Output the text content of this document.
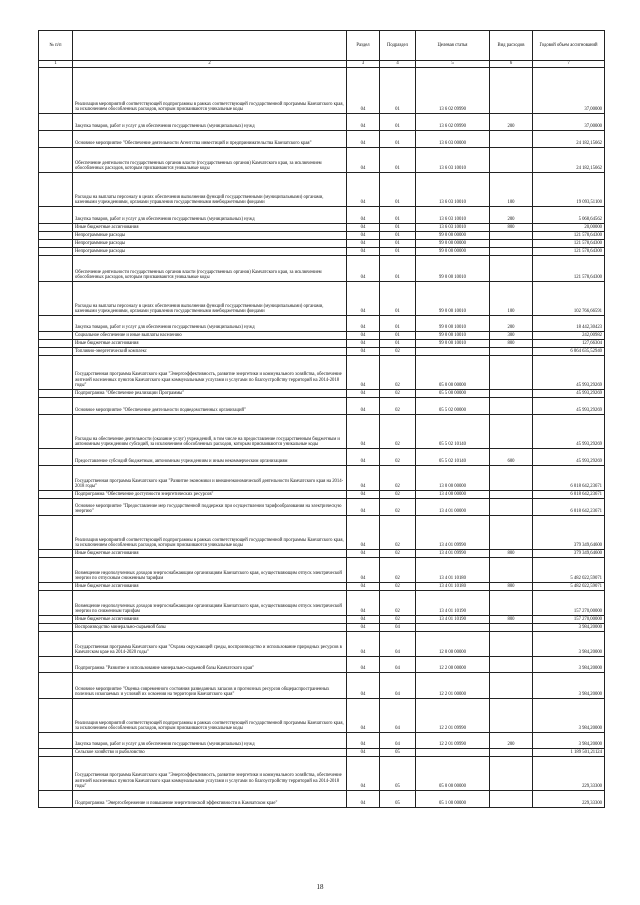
№ п/п		Раздел	Подраздел	Целевая статья	Вид расходов	Годовой объем ассигнований
1	2	3	4	5	6	7
	Реализация мероприятий соответствующей подпрограммы в рамках соответствующей государственной программы Камчатского края, за исключением обособленных расходов, которым присваиваются уникальные коды	04	01	13 6 02 09990		37,00000
	Закупка товаров, работ и услуг для обеспечения государственных (муниципальных) нужд	04	01	13 6 02 09990	200	37,00000
	Основное мероприятие "Обеспечение деятельности Агентства инвестиций и предпринимательства Камчатского края"	04	01	13 6 03 00000		24 182,15662
	Обеспечение деятельности государственных органов власти (государственных органов) Камчатского края, за исключением обособленных расходов, которым присваиваются уникальные коды	04	01	13 6 03 10010		24 182,15662
	Расходы на выплаты персоналу в целях обеспечения выполнения функций государственными (муниципальными) органами, казенными учреждениями, органами управления государственными внебюджетными фондами	04	01	13 6 03 10010	100	19 093,51100
	Закупка товаров, работ и услуг для обеспечения государственных (муниципальных) нужд	04	01	13 6 03 10010	200	5 068,64562
	Иные бюджетные ассигнования	04	01	13 6 03 10010	800	20,00000
	Непрограммные расходы	04	01	99 0 00 00000		121 578,64300
	Непрограммные расходы	04	01	99 0 00 00000		121 578,64300
	Непрограммные расходы	04	01	99 0 00 00000		121 578,64300
	Обеспечение деятельности государственных органов власти (государственных органов) Камчатского края, за исключением обособленных расходов, которым присваиваются уникальные коды	04	01	99 0 00 10010		121 578,64300
	Расходы на выплаты персоналу в целях обеспечения выполнения функций государственными (муниципальными) органами, казенными учреждениями, органами управления государственными внебюджетными фондами	04	01	99 0 00 10010	100	102 766,66591
	Закупка товаров, работ и услуг для обеспечения государственных (муниципальных) нужд	04	01	99 0 00 10010	200	18 442,30423
	Социальное обеспечение и иные выплаты населению	04	01	99 0 00 10010	300	242,00982
	Иные бюджетные ассигнования	04	01	99 0 00 10010	800	127,66304
	Топливно-энергетический комплекс	04	02			6 064 635,52940
	Государственная программа Камчатского края "Энергоэффективность, развитие энергетики и коммунального хозяйства, обеспечение жителей населенных пунктов Камчатского края коммунальными услугами и услугами по благоустройству территорий на 2014-2018 годы"	04	02	05 0 00 00000		45 993,29269
	Подпрограмма "Обеспечение реализации Программы"	04	02	05 5 00 00000		45 993,29269
	Основное мероприятие "Обеспечение деятельности подведомственных организаций"	04	02	05 5 02 00000		45 993,29269
	Расходы на обеспечение деятельности (оказание услуг) учреждений, в том числе на предоставление государственным бюджетным и автономным учреждениям субсидий, за исключением обособленных расходов, которым присваиваются уникальные коды	04	02	05 5 02 10140		45 993,29269
	Предоставление субсидий бюджетным, автономным учреждениям и иным некоммерческим организациям	04	02	05 5 02 10140	600	45 993,29269
	Государственная программа Камчатского края "Развитие экономики и внешнеэкономической деятельности Камчатского края на 2014-2018 годы"	04	02	13 0 00 00000		6 018 642,23671
	Подпрограмма "Обеспечение доступности энергетических ресурсов"	04	02	13 4 00 00000		6 018 642,23671
	Основное мероприятие "Предоставление мер государственной поддержки при осуществлении тарифообразования на электрическую энергию"	04	02	13 4 01 00000		6 018 642,23671
	Реализация мероприятий соответствующей подпрограммы в рамках соответствующей государственной программы Камчатского края, за исключением обособленных расходов, которым присваиваются уникальные коды	04	02	13 4 01 09990		379 349,64600
	Иные бюджетные ассигнования	04	02	13 4 01 09990	800	379 349,64600
	Возмещение недополученных доходов энергоснабжающим организациям Камчатского края, осуществляющим отпуск электрической энергии по отпускным сниженным тарифам	04	02	13 4 01 10180		5 482 022,59071
	Иные бюджетные ассигнования	04	02	13 4 01 10180	800	5 482 022,59071
	Возмещение недополученных доходов энергоснабжающим организациям Камчатского края, осуществляющим отпуск электрической энергии по сниженным тарифам	04	02	13 4 01 10190		157 270,00000
	Иные бюджетные ассигнования	04	02	13 4 01 10190	800	157 270,00000
	Воспроизводство минерально-сырьевой базы	04	04			3 984,20000
	Государственная программа Камчатского края "Охрана окружающей среды, воспроизводство и использование природных ресурсов в Камчатском крае на 2014-2020 годы"	04	04	12 0 00 00000		3 984,20000
	Подпрограмма "Развитие и использование минерально-сырьевой базы Камчатского края"	04	04	12 2 00 00000		3 984,20000
	Основное мероприятие "Оценка современного состояния разведанных запасов и прогнозных ресурсов общераспространенных полезных ископаемых и условий их освоения на территории Камчатского края"	04	04	12 2 01 00000		3 984,20000
	Реализация мероприятий соответствующей подпрограммы в рамках соответствующей государственной программы Камчатского края, за исключением обособленных расходов, которым присваиваются уникальные коды	04	04	12 2 01 09990		3 984,20000
	Закупка товаров, работ и услуг для обеспечения государственных (муниципальных) нужд	04	04	12 2 01 09990	200	3 984,20000
	Сельское хозяйство и рыболовство	04	05			1 189 501,21124
	Государственная программа Камчатского края "Энергоэффективность, развитие энергетики и коммунального хозяйства, обеспечение жителей населенных пунктов Камчатского края коммунальными услугами и услугами по благоустройству территорий на 2014-2018 годы"	04	05	05 0 00 00000		229,33300
	Подпрограмма "Энергосбережение и повышение энергетической эффективности в Камчатском крае"	04	05	05 1 00 00000		229,33300
18
